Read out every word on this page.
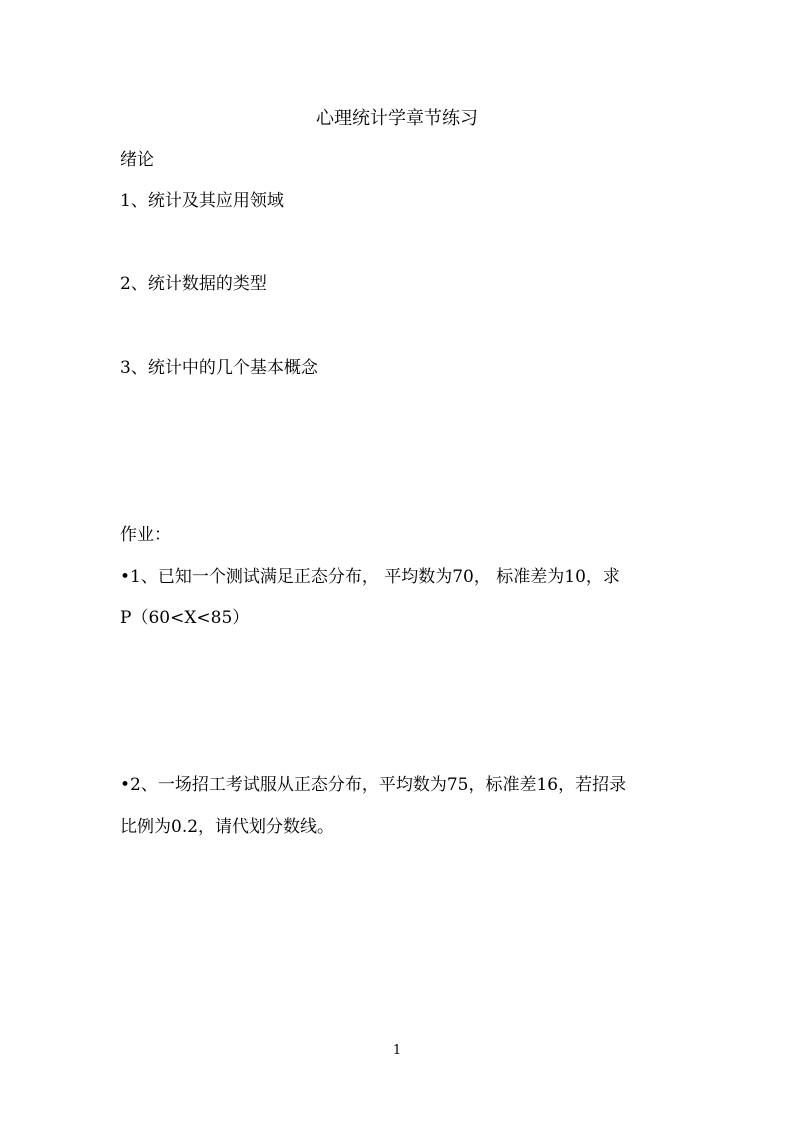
心理统计学章节练习
绪论
1、统计及其应用领域
2、统计数据的类型
3、统计中的几个基本概念
作业：
•1、已知一个测试满足正态分布， 平均数为70， 标准差为10，求
P（60<X<85）
•2、一场招工考试服从正态分布，平均数为75，标准差16，若招录
比例为0.2，请代划分数线。
1
